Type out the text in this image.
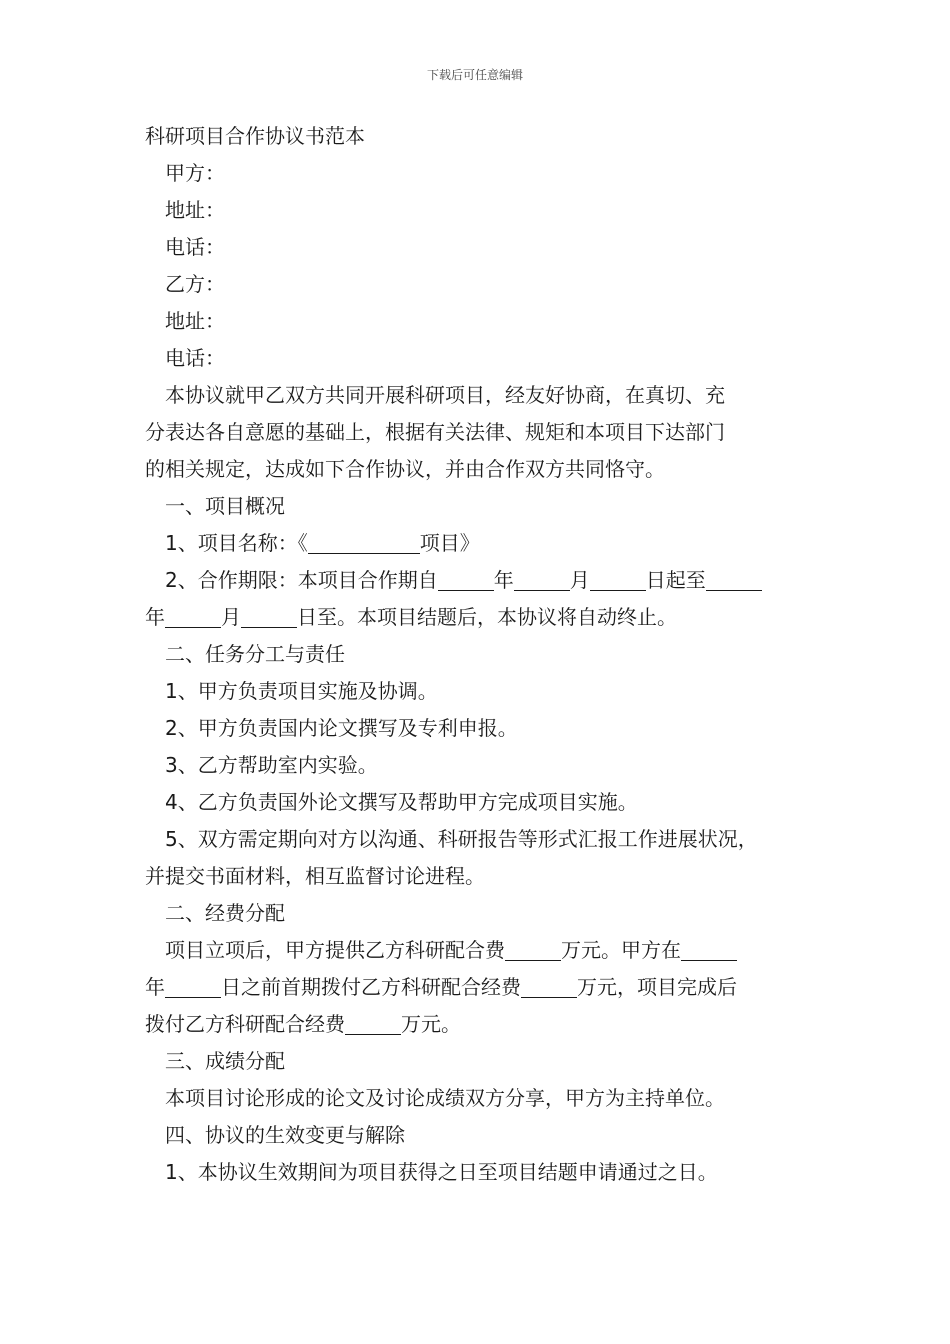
下载后可任意编辑
科研项目合作协议书范本
甲方：
地址：
电话：
乙方：
地址：
电话：
本协议就甲乙双方共同开展科研项目，经友好协商，在真切、充
分表达各自意愿的基础上，根据有关法律、规矩和本项目下达部门
的相关规定，达成如下合作协议，并由合作双方共同恪守。
一、项目概况
1、项目名称：《	项目》
2、合作期限：本项目合作期自	年	月	日起至
年	月	日至。本项目结题后，本协议将自动终止。
二、任务分工与责任
1、甲方负责项目实施及协调。
2、甲方负责国内论文撰写及专利申报。
3、乙方帮助室内实验。
4、乙方负责国外论文撰写及帮助甲方完成项目实施。
5、双方需定期向对方以沟通、科研报告等形式汇报工作进展状况，
并提交书面材料，相互监督讨论进程。
二、经费分配
项目立项后，甲方提供乙方科研配合费	万元。甲方在
年	日之前首期拨付乙方科研配合经费	万元，项目完成后
拨付乙方科研配合经费	万元。
三、成绩分配
本项目讨论形成的论文及讨论成绩双方分享，甲方为主持单位。
四、协议的生效变更与解除
1、本协议生效期间为项目获得之日至项目结题申请通过之日。
